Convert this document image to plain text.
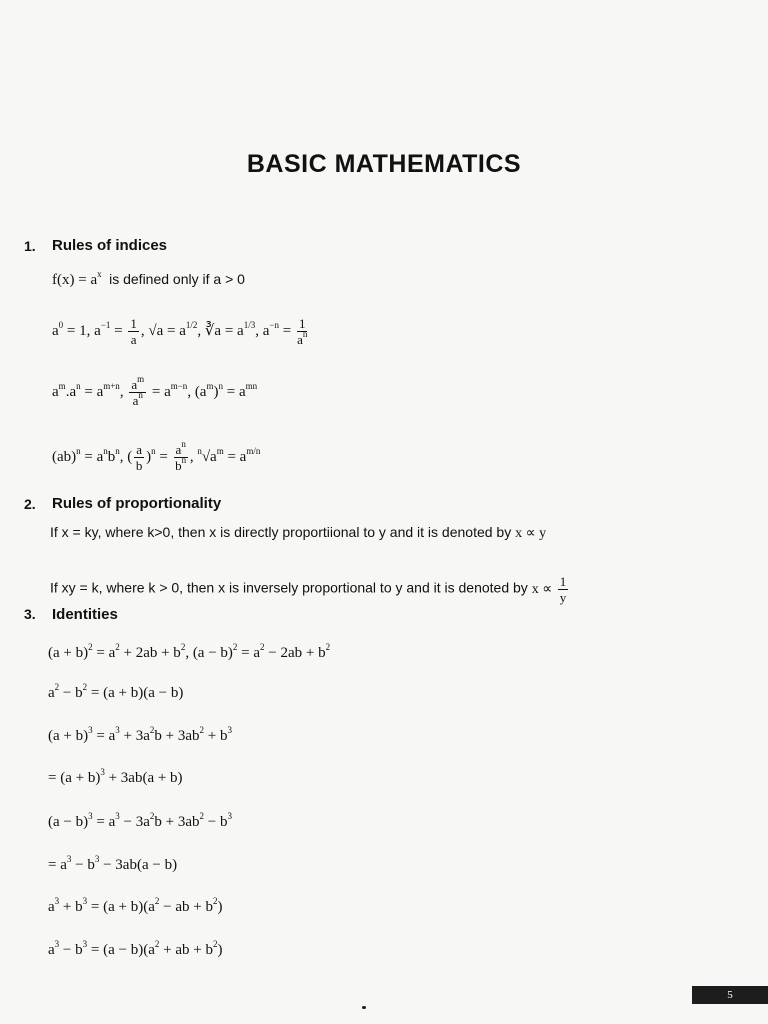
BASIC MATHEMATICS
1. Rules of indices
$f(x) = a^x$ is defined only if a > 0
$a^0 = 1$, $a^{-1} = \frac{1}{a}$ , $√a = a^{1/2}$, ∛a = $a^{1/3}$, $a^{-n} = \frac{1}{a^n}$
$a^m.a^n = a^{m+n}$, $\frac{a^m}{a^n} = a^{m-n}$, $(a^m)^n = a^{mn}$
$(ab)^n = a^nb^n$, ( $\frac{a}{b} )^n = \frac{a^n}{b^n}$ , $^n√a^m = a^{m/n}$
2. Rules of proportionality
If x = ky, where k>0, then x is directly proportiional to y and it is denoted by x ∝ y
If xy = k, where k > 0, then x is inversely proportional to y and it is denoted by $x \propto \frac{1}{y}$
3. Identities
$(a + b)^2 = a^2 + 2ab + b^2$, $(a - b)^2 = a^2 - 2ab + b^2$
$a^2 - b^2 = (a + b)(a - b)$
$(a + b)^3 = a^3 + 3a^2b + 3ab^2 + b^3$
= $(a + b)^3 + 3ab(a + b)$
$(a - b)^3 = a^3 - 3a^2b + 3ab^2 - b^3$
= $a^3 - b^3 - 3ab(a - b)$
$a^3 + b^3 = (a + b)(a^2$ − ab + $b^2$)
$a^3 - b^3 = (a - b)(a^2$ + ab + $b^2$)
5
